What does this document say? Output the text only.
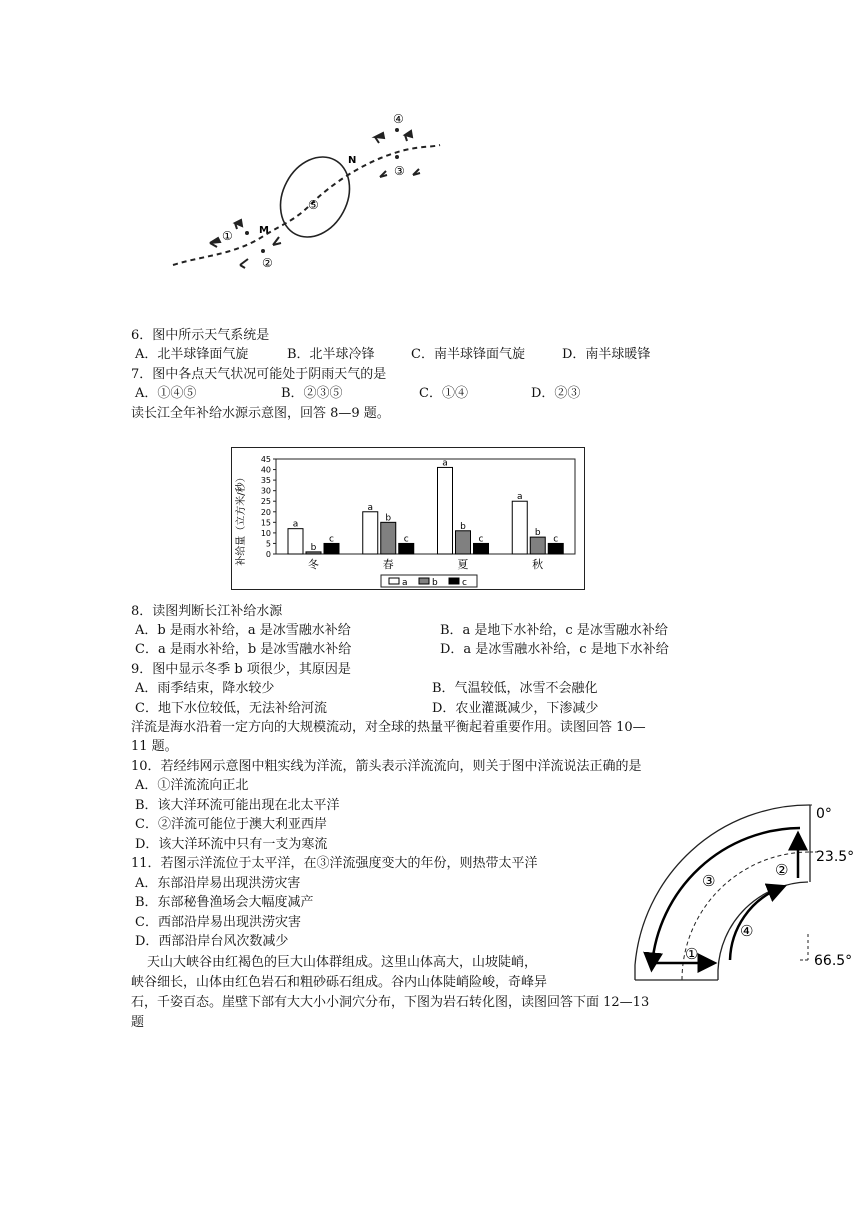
①
②
③
④
⑤
M
N
6．图中所示天气系统是
A．北半球锋面气旋	B．北半球冷锋	C．南半球锋面气旋	D．南半球暖锋
7．图中各点天气状况可能处于阴雨天气的是
A．①④⑤	B．②③⑤	C．①④	D．②③
读长江全年补给水源示意图，回答 8—9 题。
补给量（立方米/秒） 0
5
10
15
20
25
30
35
40
45
a
b
c
a
b
c
a
b
c
a
b
c
冬	春	夏	秋
a	b	c
8．读图判断长江补给水源
A．b 是雨水补给，a 是冰雪融水补给	B．a 是地下水补给，c 是冰雪融水补给
C．a 是雨水补给，b 是冰雪融水补给	D．a 是冰雪融水补给，c 是地下水补给
9．图中显示冬季 b 项很少，其原因是
A．雨季结束，降水较少	B．气温较低，冰雪不会融化
C．地下水位较低，无法补给河流	D．农业灌溉减少，下渗减少
洋流是海水沿着一定方向的大规模流动，对全球的热量平衡起着重要作用。读图回答 10—
11 题。
10．若经纬网示意图中粗实线为洋流，箭头表示洋流流向，则关于图中洋流说法正确的是
A．①洋流流向正北
B．该大洋环流可能出现在北太平洋
C．②洋流可能位于澳大利亚西岸
D．该大洋环流中只有一支为寒流
11．若图示洋流位于太平洋，在③洋流强度变大的年份，则热带太平洋
A．东部沿岸易出现洪涝灾害
B．东部秘鲁渔场会大幅度减产
C．西部沿岸易出现洪涝灾害
D．西部沿岸台风次数减少
①
②
③
④
0°
23.5°
66.5°
天山大峡谷由红褐色的巨大山体群组成。这里山体高大，山坡陡峭，
峡谷细长，山体由红色岩石和粗砂砾石组成。谷内山体陡峭险峻，奇峰异
石，千姿百态。崖壁下部有大大小小洞穴分布，下图为岩石转化图，读图回答下面 12—13
题
